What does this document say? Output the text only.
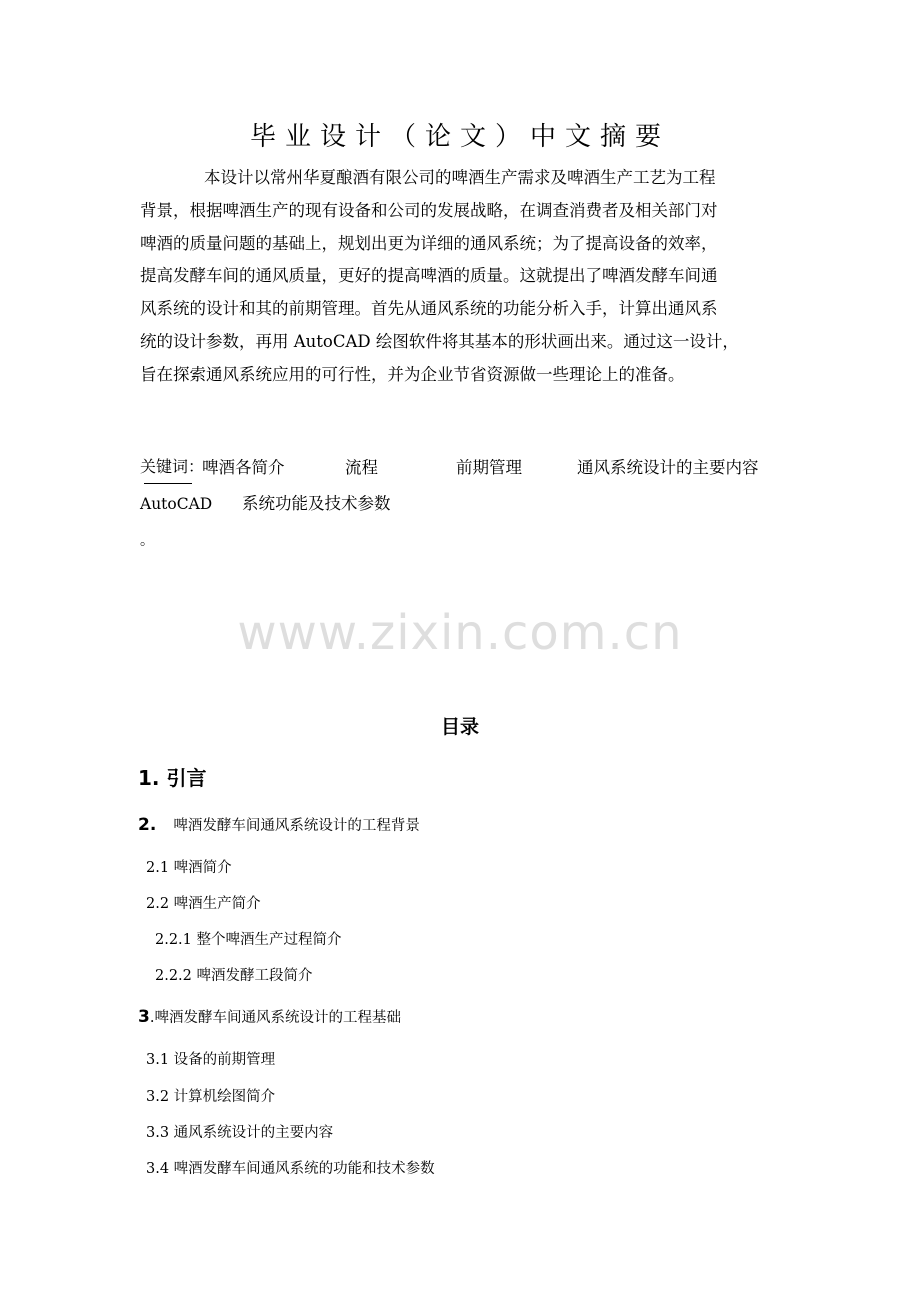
毕业设计（论文）中文摘要
本设计以常州华夏酿酒有限公司的啤酒生产需求及啤酒生产工艺为工程
背景，根据啤酒生产的现有设备和公司的发展战略，在调查消费者及相关部门对
啤酒的质量问题的基础上，规划出更为详细的通风系统；为了提高设备的效率，
提高发酵车间的通风质量，更好的提高啤酒的质量。这就提出了啤酒发酵车间通
风系统的设计和其的前期管理。首先从通风系统的功能分析入手，计算出通风系
统的设计参数，再用 AutoCAD 绘图软件将其基本的形状画出来。通过这一设计，
旨在探索通风系统应用的可行性，并为企业节省资源做一些理论上的准备。
关键词：
啤酒各简介	流程	前期管理	通风系统设计的主要内容
AutoCAD 系统功能及技术参数
。
www.zixin.com.cn
目录
1. 引言
2. 啤酒发酵车间通风系统设计的工程背景
2.1 啤酒简介
2.2 啤酒生产简介
2.2.1 整个啤酒生产过程简介
2.2.2 啤酒发酵工段简介
3.啤酒发酵车间通风系统设计的工程基础
3.1 设备的前期管理
3.2 计算机绘图简介
3.3 通风系统设计的主要内容
3.4 啤酒发酵车间通风系统的功能和技术参数
